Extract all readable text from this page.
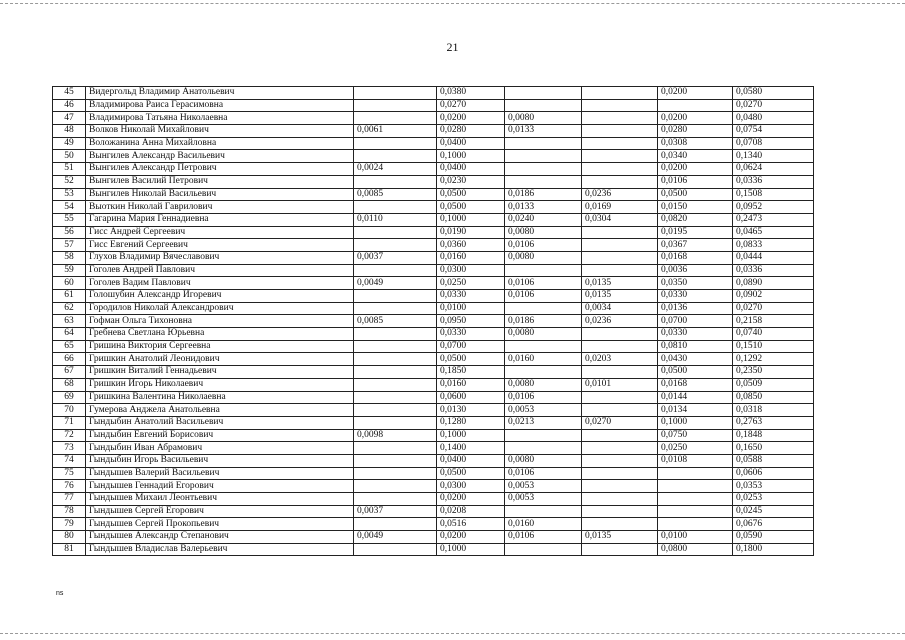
21
45	Видергольд Владимир Анатольевич		0,0380			0,0200	0,0580
46	Владимирова Раиса Герасимовна		0,0270				0,0270
47	Владимирова Татьяна Николаевна		0,0200	0,0080		0,0200	0,0480
48	Волков Николай Михайлович	0,0061	0,0280	0,0133		0,0280	0,0754
49	Воложанина Анна Михайловна		0,0400			0,0308	0,0708
50	Вынгилев Александр Васильевич		0,1000			0,0340	0,1340
51	Вынгилев Александр Петрович	0,0024	0,0400			0,0200	0,0624
52	Вынгилев Василий Петрович		0,0230			0,0106	0,0336
53	Вынгилев Николай Васильевич	0,0085	0,0500	0,0186	0,0236	0,0500	0,1508
54	Выоткин Николай Гаврилович		0,0500	0,0133	0,0169	0,0150	0,0952
55	Гагарина Мария Геннадиевна	0,0110	0,1000	0,0240	0,0304	0,0820	0,2473
56	Гисс Андрей Сергеевич		0,0190	0,0080		0,0195	0,0465
57	Гисс Евгений Сергеевич		0,0360	0,0106		0,0367	0,0833
58	Глухов Владимир Вячеславович	0,0037	0,0160	0,0080		0,0168	0,0444
59	Гоголев Андрей Павлович		0,0300			0,0036	0,0336
60	Гоголев Вадим Павлович	0,0049	0,0250	0,0106	0,0135	0,0350	0,0890
61	Голошубин Александр Игоревич		0,0330	0,0106	0,0135	0,0330	0,0902
62	Городилов Николай Александрович		0,0100		0,0034	0,0136	0,0270
63	Гофман Ольга Тихоновна	0,0085	0,0950	0,0186	0,0236	0,0700	0,2158
64	Гребнева Светлана Юрьевна		0,0330	0,0080		0,0330	0,0740
65	Гришина Виктория Сергеевна		0,0700			0,0810	0,1510
66	Гришкин Анатолий Леонидович		0,0500	0,0160	0,0203	0,0430	0,1292
67	Гришкин Виталий Геннадьевич		0,1850			0,0500	0,2350
68	Гришкин Игорь Николаевич		0,0160	0,0080	0,0101	0,0168	0,0509
69	Гришкина Валентина Николаевна		0,0600	0,0106		0,0144	0,0850
70	Гумерова Анджела Анатольевна		0,0130	0,0053		0,0134	0,0318
71	Гындыбин Анатолий Васильевич		0,1280	0,0213	0,0270	0,1000	0,2763
72	Гындыбин Евгений Борисович	0,0098	0,1000			0,0750	0,1848
73	Гындыбин Иван Абрамович		0,1400			0,0250	0,1650
74	Гындыбин Игорь Васильевич		0,0400	0,0080		0,0108	0,0588
75	Гындышев Валерий Васильевич		0,0500	0,0106			0,0606
76	Гындышев Геннадий Егорович		0,0300	0,0053			0,0353
77	Гындышев Михаил Леонтьевич		0,0200	0,0053			0,0253
78	Гындышев Сергей Егорович	0,0037	0,0208				0,0245
79	Гындышев Сергей Прокопьевич		0,0516	0,0160			0,0676
80	Гындышев Александр Степанович	0,0049	0,0200	0,0106	0,0135	0,0100	0,0590
81	Гындышев Владислав Валерьевич		0,1000			0,0800	0,1800
ns
